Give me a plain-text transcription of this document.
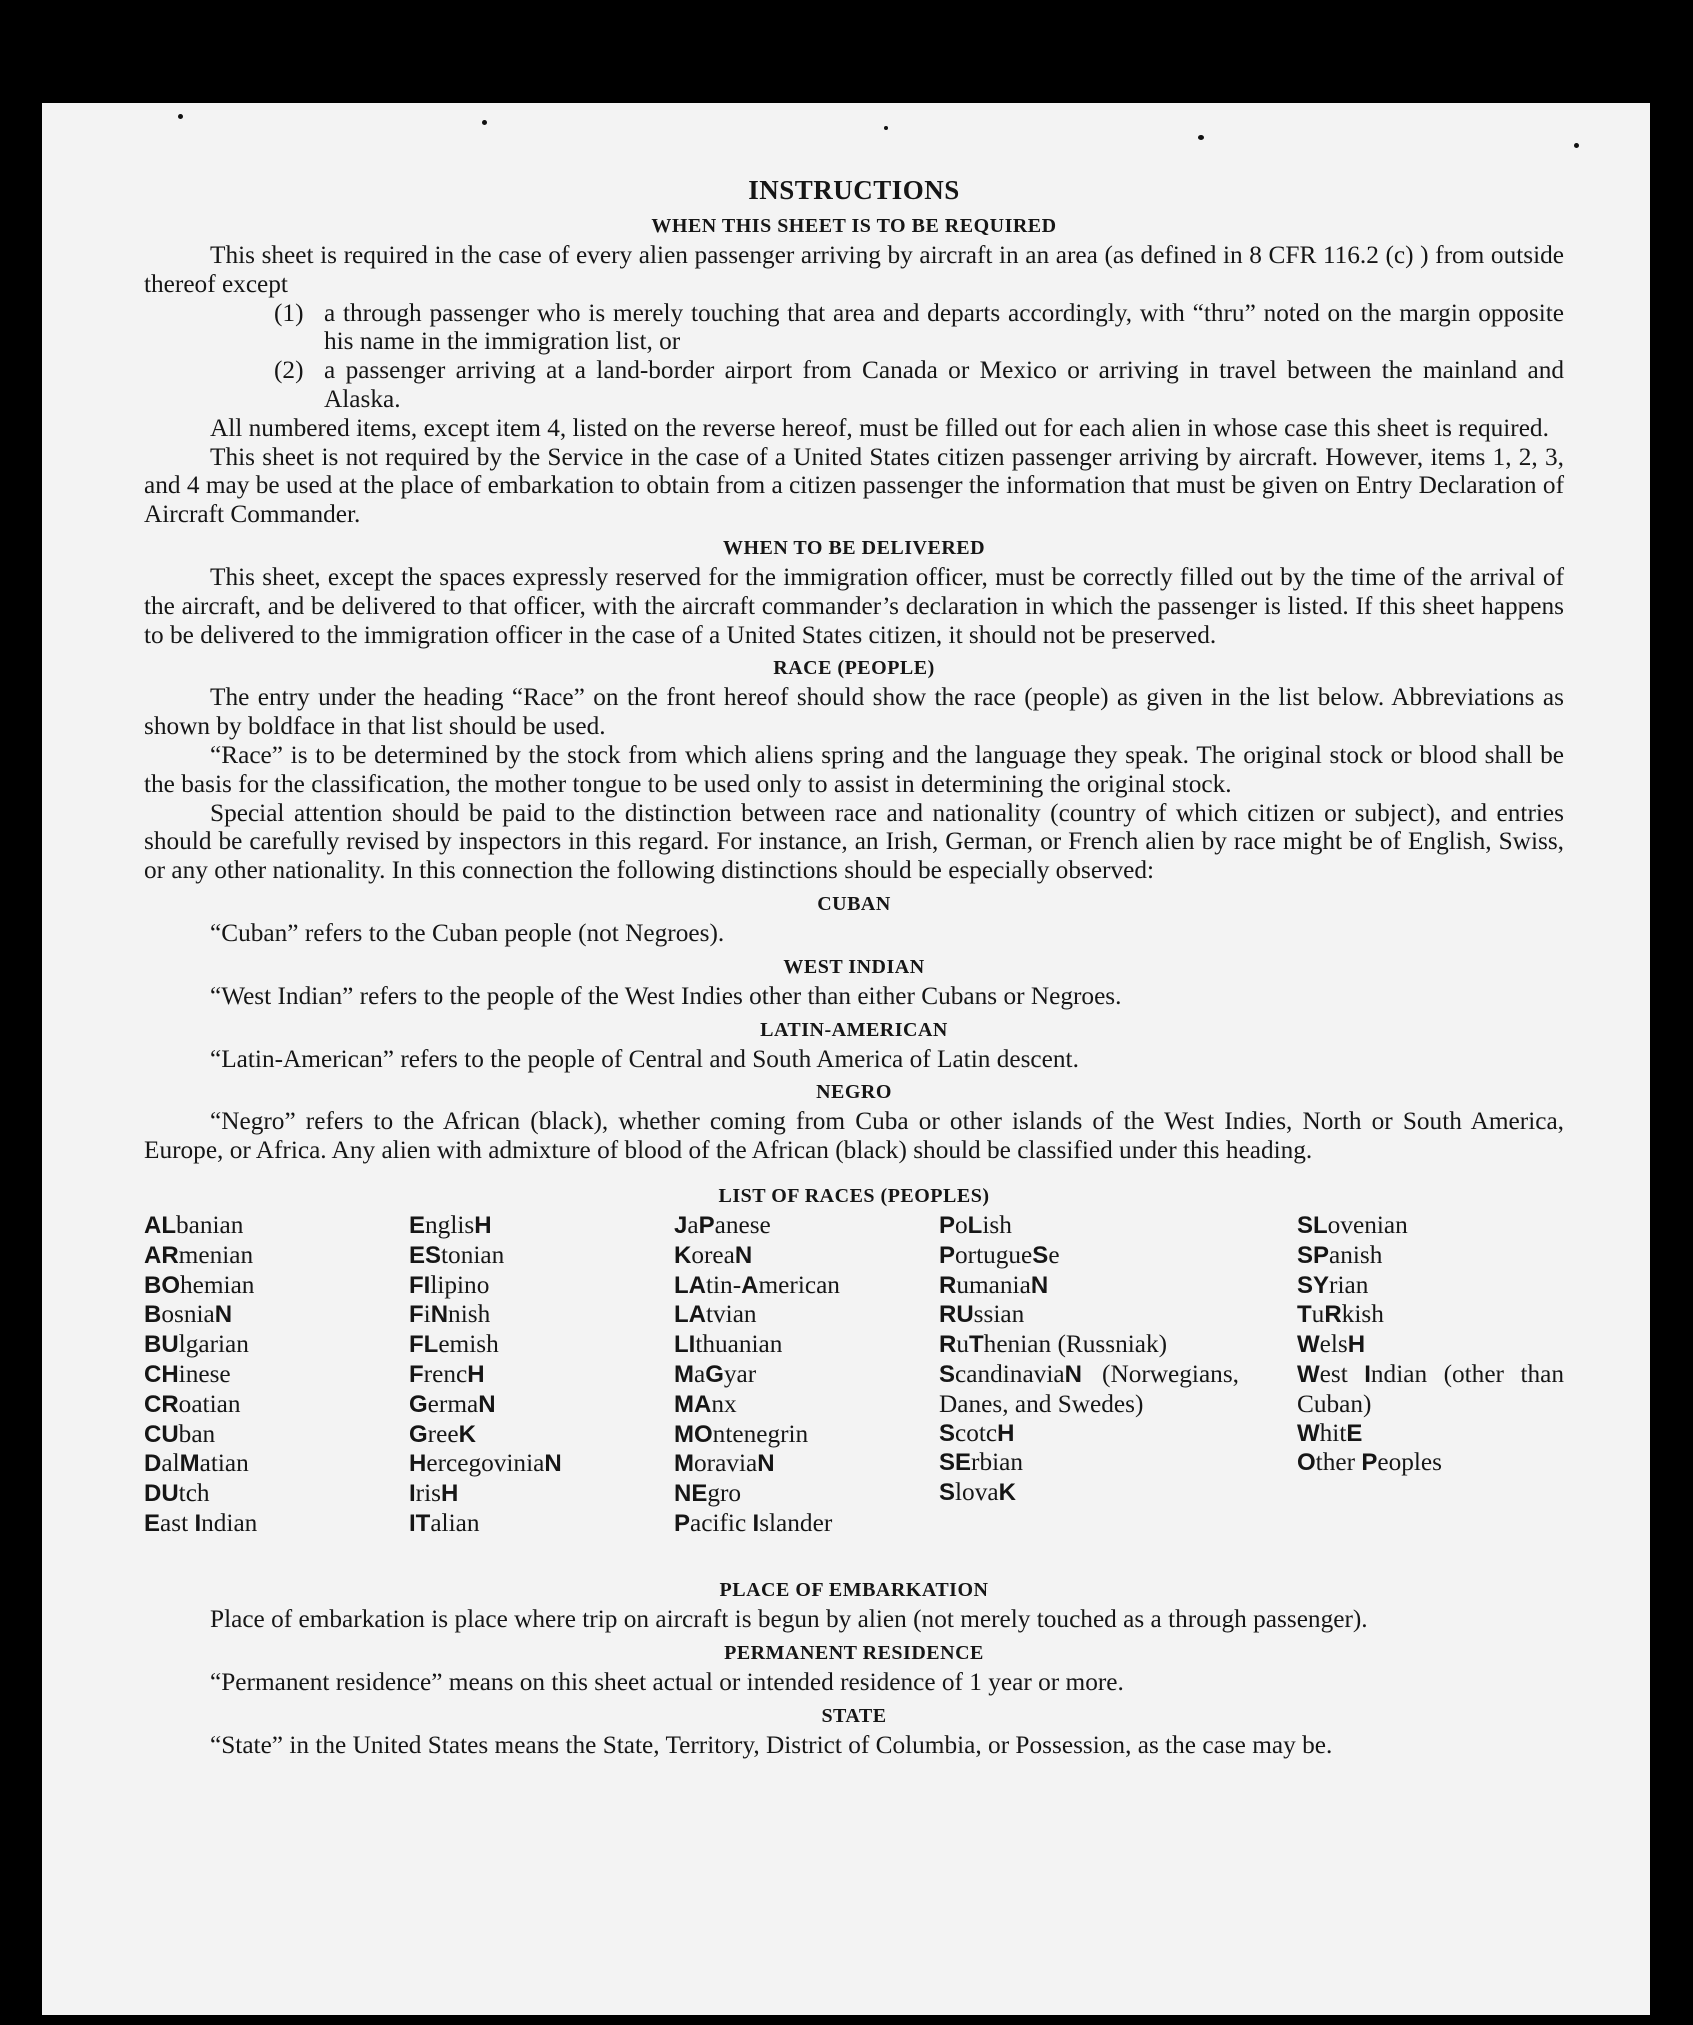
INSTRUCTIONS
WHEN THIS SHEET IS TO BE REQUIRED

This sheet is required in the case of every alien passenger arriving by aircraft in an area (as defined in 8 CFR 116.2 (c) ) from outside thereof except

(1) a through passenger who is merely touching that area and departs accordingly, with “thru” noted on the margin opposite his name in the immigration list, or
(2) a passenger arriving at a land-border airport from Canada or Mexico or arriving in travel between the mainland and Alaska.

All numbered items, except item 4, listed on the reverse hereof, must be filled out for each alien in whose case this sheet is required.

This sheet is not required by the Service in the case of a United States citizen passenger arriving by aircraft. However, items 1, 2, 3, and 4 may be used at the place of embarkation to obtain from a citizen passenger the information that must be given on Entry Declaration of Aircraft Commander.

WHEN TO BE DELIVERED

This sheet, except the spaces expressly reserved for the immigration officer, must be correctly filled out by the time of the arrival of the aircraft, and be delivered to that officer, with the aircraft commander’s declaration in which the passenger is listed. If this sheet happens to be delivered to the immigration officer in the case of a United States citizen, it should not be preserved.

RACE (PEOPLE)

The entry under the heading “Race” on the front hereof should show the race (people) as given in the list below. Abbreviations as shown by boldface in that list should be used.

“Race” is to be determined by the stock from which aliens spring and the language they speak. The original stock or blood shall be the basis for the classification, the mother tongue to be used only to assist in determining the original stock.

Special attention should be paid to the distinction between race and nationality (country of which citizen or subject), and entries should be carefully revised by inspectors in this regard. For instance, an Irish, German, or French alien by race might be of English, Swiss, or any other nationality. In this connection the following distinctions should be especially observed:

CUBAN

“Cuban” refers to the Cuban people (not Negroes).

WEST INDIAN

“West Indian” refers to the people of the West Indies other than either Cubans or Negroes.

LATIN-AMERICAN

“Latin-American” refers to the people of Central and South America of Latin descent.

NEGRO

“Negro” refers to the African (black), whether coming from Cuba or other islands of the West Indies, North or South America, Europe, or Africa. Any alien with admixture of blood of the African (black) should be classified under this heading.

LIST OF RACES (PEOPLES)
ALbanian
ARmenian
BOhemian
BosniaN
BUlgarian
CHinese
CRoatian
CUban
DalMatian
DUtch
East Indian
EnglisH
EStonian
FIlipino
FiNnish
FLemish
FrencH
GermaN
GreeK
HercegoviniaN
IrisH
ITalian
JaPanese
KoreaN
LAtin-American
LAtvian
LIthuanian
MaGyar
MAnx
MOntenegrin
MoraviaN
NEgro
Pacific Islander
PoLish
PortugueSe
RumaniaN
RUssian
RuThenian (Russniak)
ScandinaviaN (Norwegians, Danes, and Swedes)
ScotcH
SErbian
SlovaK
SLovenian
SPanish
SYrian
TuRkish
WelsH
West Indian (other than Cuban)
WhitE
Other Peoples
PLACE OF EMBARKATION

Place of embarkation is place where trip on aircraft is begun by alien (not merely touched as a through passenger).

PERMANENT RESIDENCE

“Permanent residence” means on this sheet actual or intended residence of 1 year or more.

STATE

“State” in the United States means the State, Territory, District of Columbia, or Possession, as the case may be.
